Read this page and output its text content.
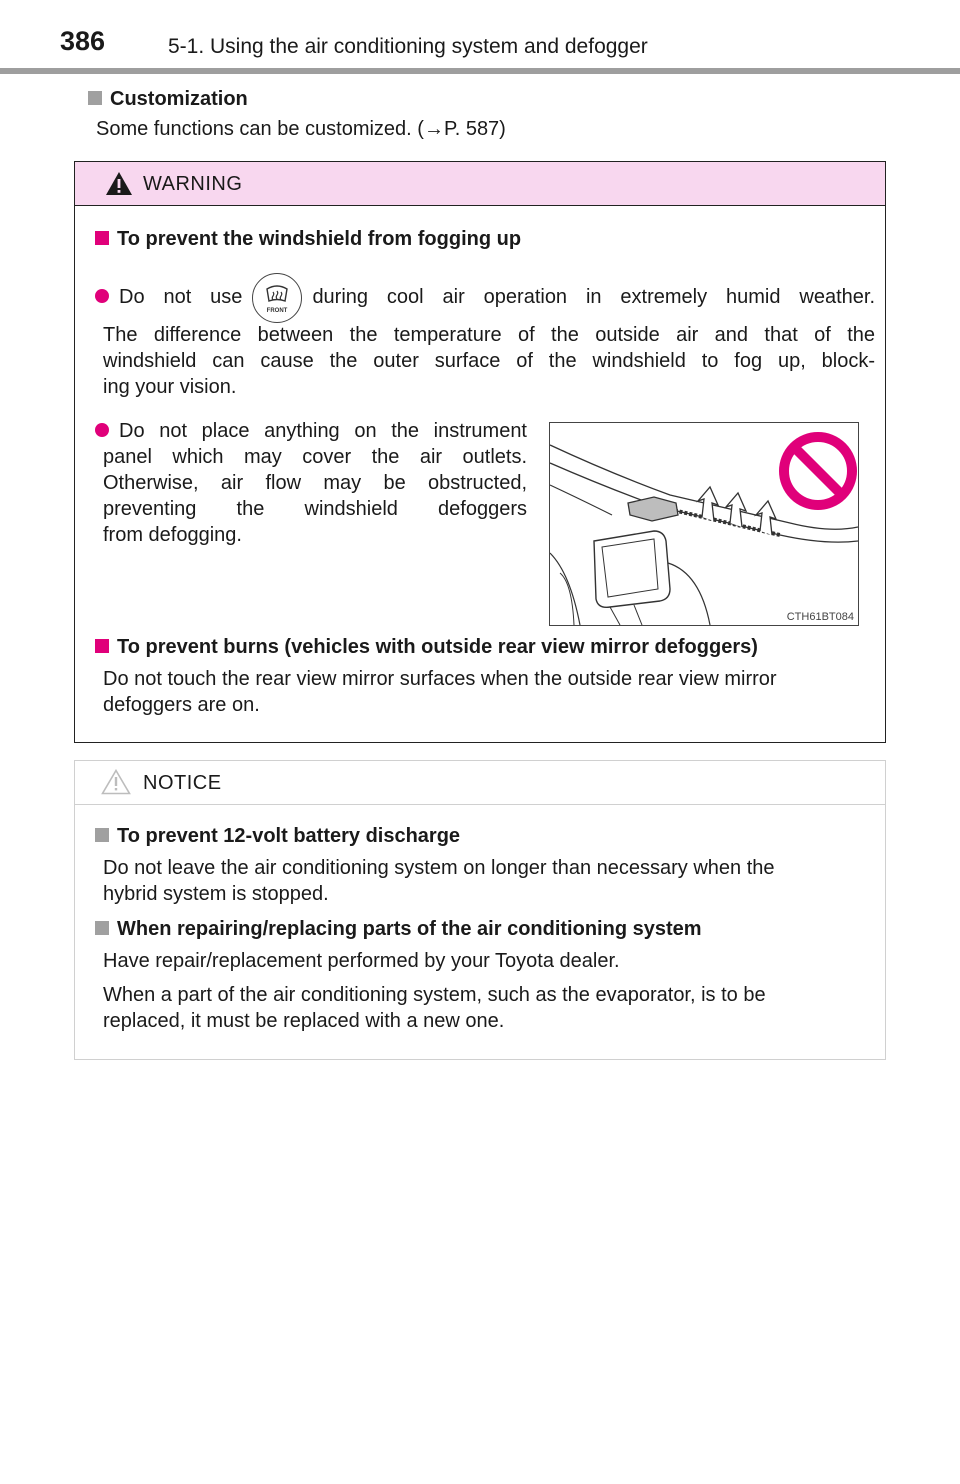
386	5-1. Using the air conditioning system and defogger
Customization
Some functions can be customized. (→P. 587)
WARNING
To prevent the windshield from fogging up
Do not use
FRONT
during cool air operation in extremely humid weather.
The difference between the temperature of the outside air and that of the
windshield can cause the outer surface of the windshield to fog up, block-
ing your vision.
Do not place anything on the instrument
panel which may cover the air outlets.
Otherwise, air flow may be obstructed,
preventing the windshield defoggers
from defogging.
CTH61BT084
To prevent burns (vehicles with outside rear view mirror defoggers)
Do not touch the rear view mirror surfaces when the outside rear view mirror
defoggers are on.
NOTICE
To prevent 12-volt battery discharge
Do not leave the air conditioning system on longer than necessary when the
hybrid system is stopped.
When repairing/replacing parts of the air conditioning system
Have repair/replacement performed by your Toyota dealer.
When a part of the air conditioning system, such as the evaporator, is to be
replaced, it must be replaced with a new one.
